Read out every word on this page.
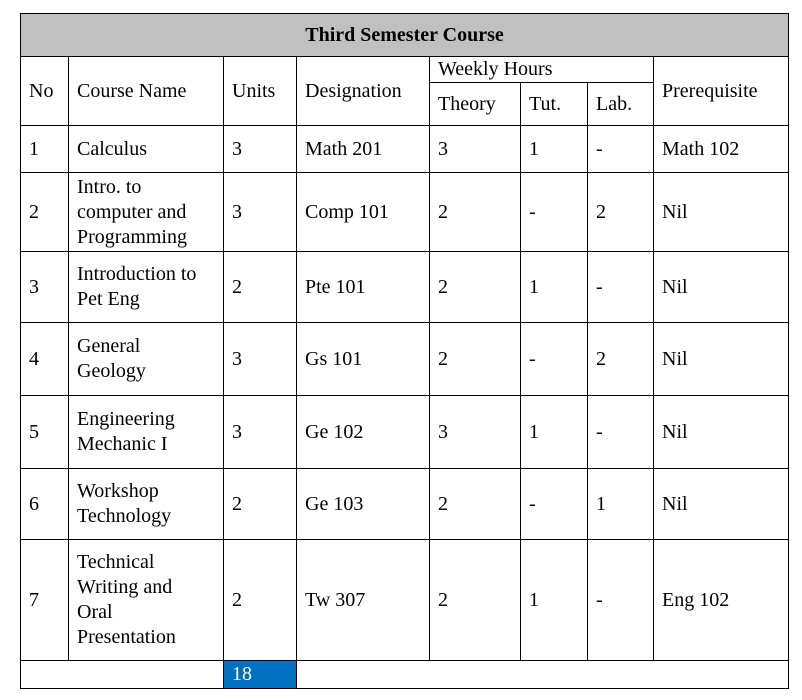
Third Semester Course							
No	Course Name	Units	Designation	Weekly Hours			Prerequisite
				Theory	Tut.	Lab.	
1	Calculus	3	Math 201	3	1	-	Math 102
2	Intro. to
computer and
Programming	3	Comp 101	2	-	2	Nil
3	Introduction to
Pet Eng	2	Pte 101	2	1	-	Nil
4	General
Geology	3	Gs 101	2	-	2	Nil
5	Engineering
Mechanic I	3	Ge 102	3	1	-	Nil
6	Workshop
Technology	2	Ge 103	2	-	1	Nil
7	Technical
Writing and
Oral
Presentation	2	Tw 307	2	1	-	Eng 102
		18					
